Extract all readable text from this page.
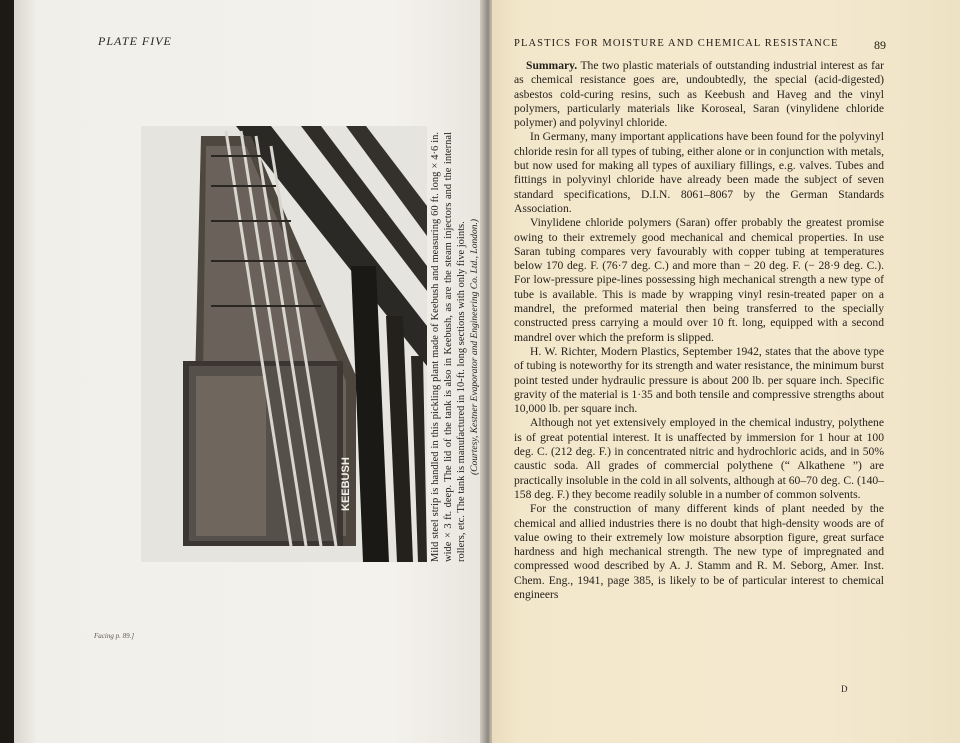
PLATE FIVE
KEEBUSH	Mild steel strip is handled in this pickling plant made of Keebush and measuring 60 ft. long × 4·6 in. wide × 3 ft. deep. The lid of the tank is also in Keebush, as are the steam injectors and the internal rollers, etc. The tank is manufactured in 10-ft. long sections with only five joints. (Courtesy, Kestner Evaporator and Engineering Co. Ltd., London.)
Facing p. 89.]
PLASTICS FOR MOISTURE AND CHEMICAL RESISTANCE	89

Summary. The two plastic materials of outstanding industrial interest as far as chemical resistance goes are, undoubtedly, the special (acid-digested) asbestos cold-curing resins, such as Keebush and Haveg and the vinyl polymers, particularly materials like Koroseal, Saran (vinylidene chloride polymer) and polyvinyl chloride.

In Germany, many important applications have been found for the polyvinyl chloride resin for all types of tubing, either alone or in conjunction with metals, but now used for making all types of auxiliary fillings, e.g. valves. Tubes and fittings in polyvinyl chloride have already been made the subject of seven standard specifications, D.I.N. 8061–8067 by the German Standards Association.

Vinylidene chloride polymers (Saran) offer probably the greatest promise owing to their extremely good mechanical and chemical properties. In use Saran tubing compares very favourably with copper tubing at temperatures below 170 deg. F. (76·7 deg. C.) and more than − 20 deg. F. (− 28·9 deg. C.). For low-pressure pipe-lines possessing high mechanical strength a new type of tube is available. This is made by wrapping vinyl resin-treated paper on a mandrel, the preformed material then being transferred to the specially constructed press carrying a mould over 10 ft. long, equipped with a second mandrel over which the preform is slipped.

H. W. Richter, Modern Plastics, September 1942, states that the above type of tubing is noteworthy for its strength and water resistance, the minimum burst point tested under hydraulic pressure is about 200 lb. per square inch. Specific gravity of the material is 1·35 and both tensile and compressive strengths about 10,000 lb. per square inch.

Although not yet extensively employed in the chemical industry, polythene is of great potential interest. It is unaffected by immersion for 1 hour at 100 deg. C. (212 deg. F.) in concentrated nitric and hydrochloric acids, and in 50% caustic soda. All grades of commercial polythene (“ Alkathene ”) are practically insoluble in the cold in all solvents, although at 60–70 deg. C. (140–158 deg. F.) they become readily soluble in a number of common solvents.

For the construction of many different kinds of plant needed by the chemical and allied industries there is no doubt that high-density woods are of value owing to their extremely low moisture absorption figure, great surface hardness and high mechanical strength. The new type of impregnated and compressed wood described by A. J. Stamm and R. M. Seborg, Amer. Inst. Chem. Eng., 1941, page 385, is likely to be of particular interest to chemical engineers

D
